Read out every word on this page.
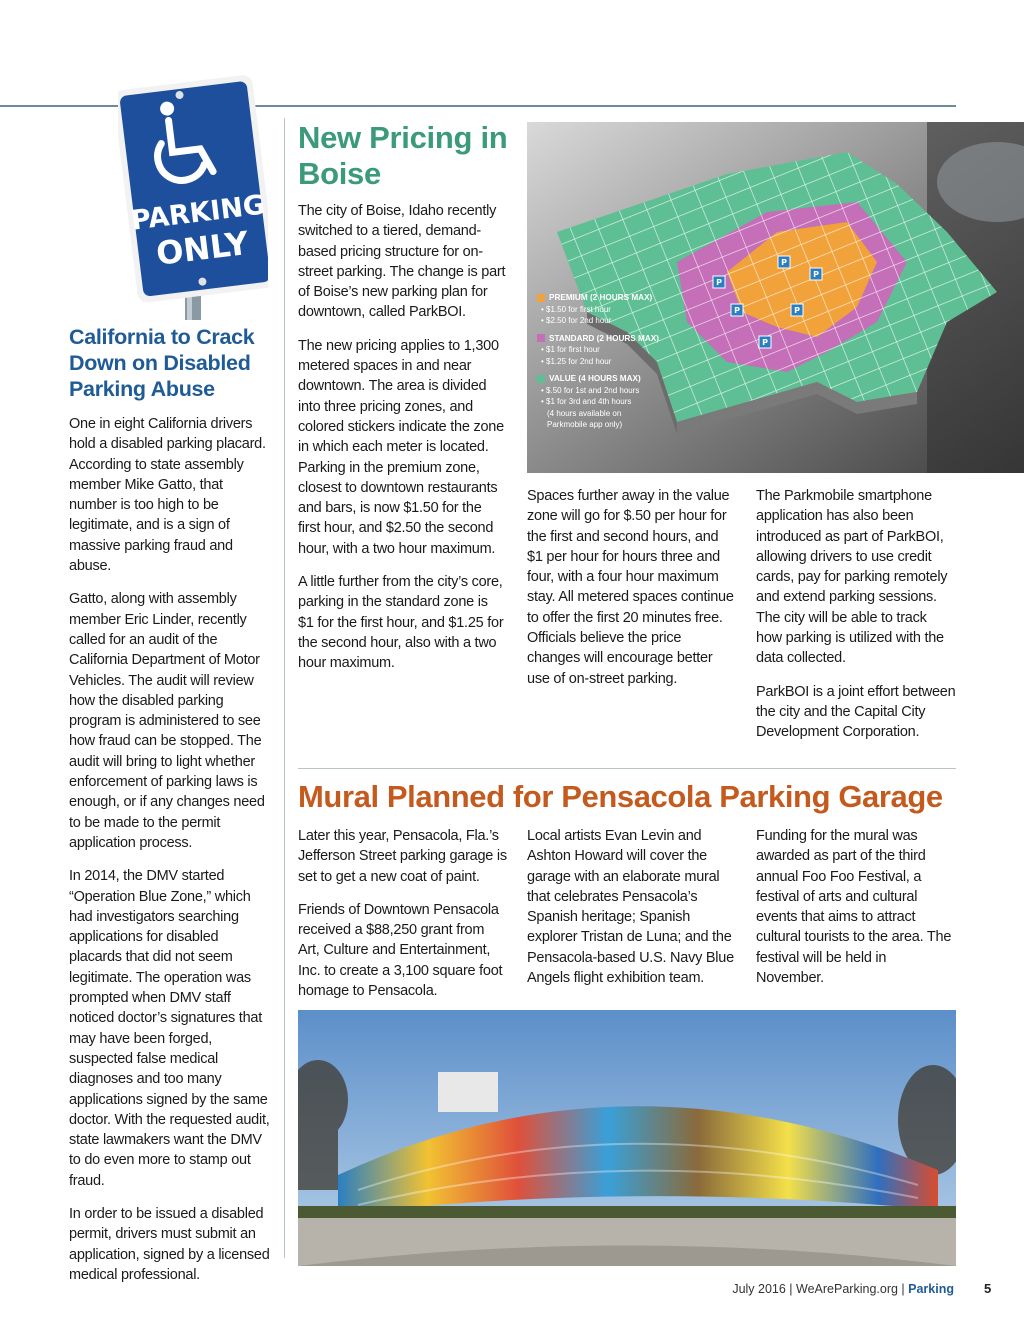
PARKING
ONLY
California to Crack Down on Disabled Parking Abuse

One in eight California drivers hold a disabled parking placard. According to state assembly member Mike Gatto, that number is too high to be legitimate, and is a sign of massive parking fraud and abuse.

Gatto, along with assembly member Eric Linder, recently called for an audit of the California Department of Motor Vehicles. The audit will review how the disabled parking program is administered to see how fraud can be stopped. The audit will bring to light whether enforcement of parking laws is enough, or if any changes need to be made to the permit application process.

In 2014, the DMV started “Operation Blue Zone,” which had investigators searching applications for disabled placards that did not seem legitimate. The operation was prompted when DMV staff noticed doctor’s signatures that may have been forged, suspected false medical diagnoses and too many applications signed by the same doctor. With the requested audit, state lawmakers want the DMV to do even more to stamp out fraud.

In order to be issued a disabled permit, drivers must submit an application, signed by a licensed medical professional.

New Pricing in Boise

The city of Boise, Idaho recently switched to a tiered, demand-based pricing structure for on-street parking. The change is part of Boise’s new parking plan for downtown, called ParkBOI.

The new pricing applies to 1,300 metered spaces in and near downtown. The area is divided into three pricing zones, and colored stickers indicate the zone in which each meter is located. Parking in the premium zone, closest to downtown restaurants and bars, is now $1.50 for the first hour, and $2.50 the second hour, with a two hour maximum.

A little further from the city’s core, parking in the standard zone is $1 for the first hour, and $1.25 for the second hour, also with a two hour maximum.

P
P
P
P	P
P
PREMIUM (2 HOURS MAX)
• $1.50 for first hour
• $2.50 for 2nd hour
STANDARD (2 HOURS MAX)
• $1 for first hour
• $1.25 for 2nd hour
VALUE (4 HOURS MAX)
• $.50 for 1st and 2nd hours
• $1 for 3rd and 4th hours
(4 hours available on
Parkmobile app only)

Spaces further away in the value zone will go for $.50 per hour for the first and second hours, and $1 per hour for hours three and four, with a four hour maximum stay. All metered spaces continue to offer the first 20 minutes free. Officials believe the price changes will encourage better use of on-street parking.

The Parkmobile smartphone application has also been introduced as part of ParkBOI, allowing drivers to use credit cards, pay for parking remotely and extend parking sessions. The city will be able to track how parking is utilized with the data collected.

ParkBOI is a joint effort between the city and the Capital City Development Corporation.

Mural Planned for Pensacola Parking Garage

Later this year, Pensacola, Fla.’s Jefferson Street parking garage is set to get a new coat of paint.

Friends of Downtown Pensacola received a $88,250 grant from Art, Culture and Entertainment, Inc. to create a 3,100 square foot homage to Pensacola.

Local artists Evan Levin and Ashton Howard will cover the garage with an elaborate mural that celebrates Pensacola’s Spanish heritage; Spanish explorer Tristan de Luna; and the Pensacola-based U.S. Navy Blue Angels flight exhibition team.

Funding for the mural was awarded as part of the third annual Foo Foo Festival, a festival of arts and cultural events that aims to attract cultural tourists to the area. The festival will be held in November.

July 2016 | WeAreParking.org | Parking 5
